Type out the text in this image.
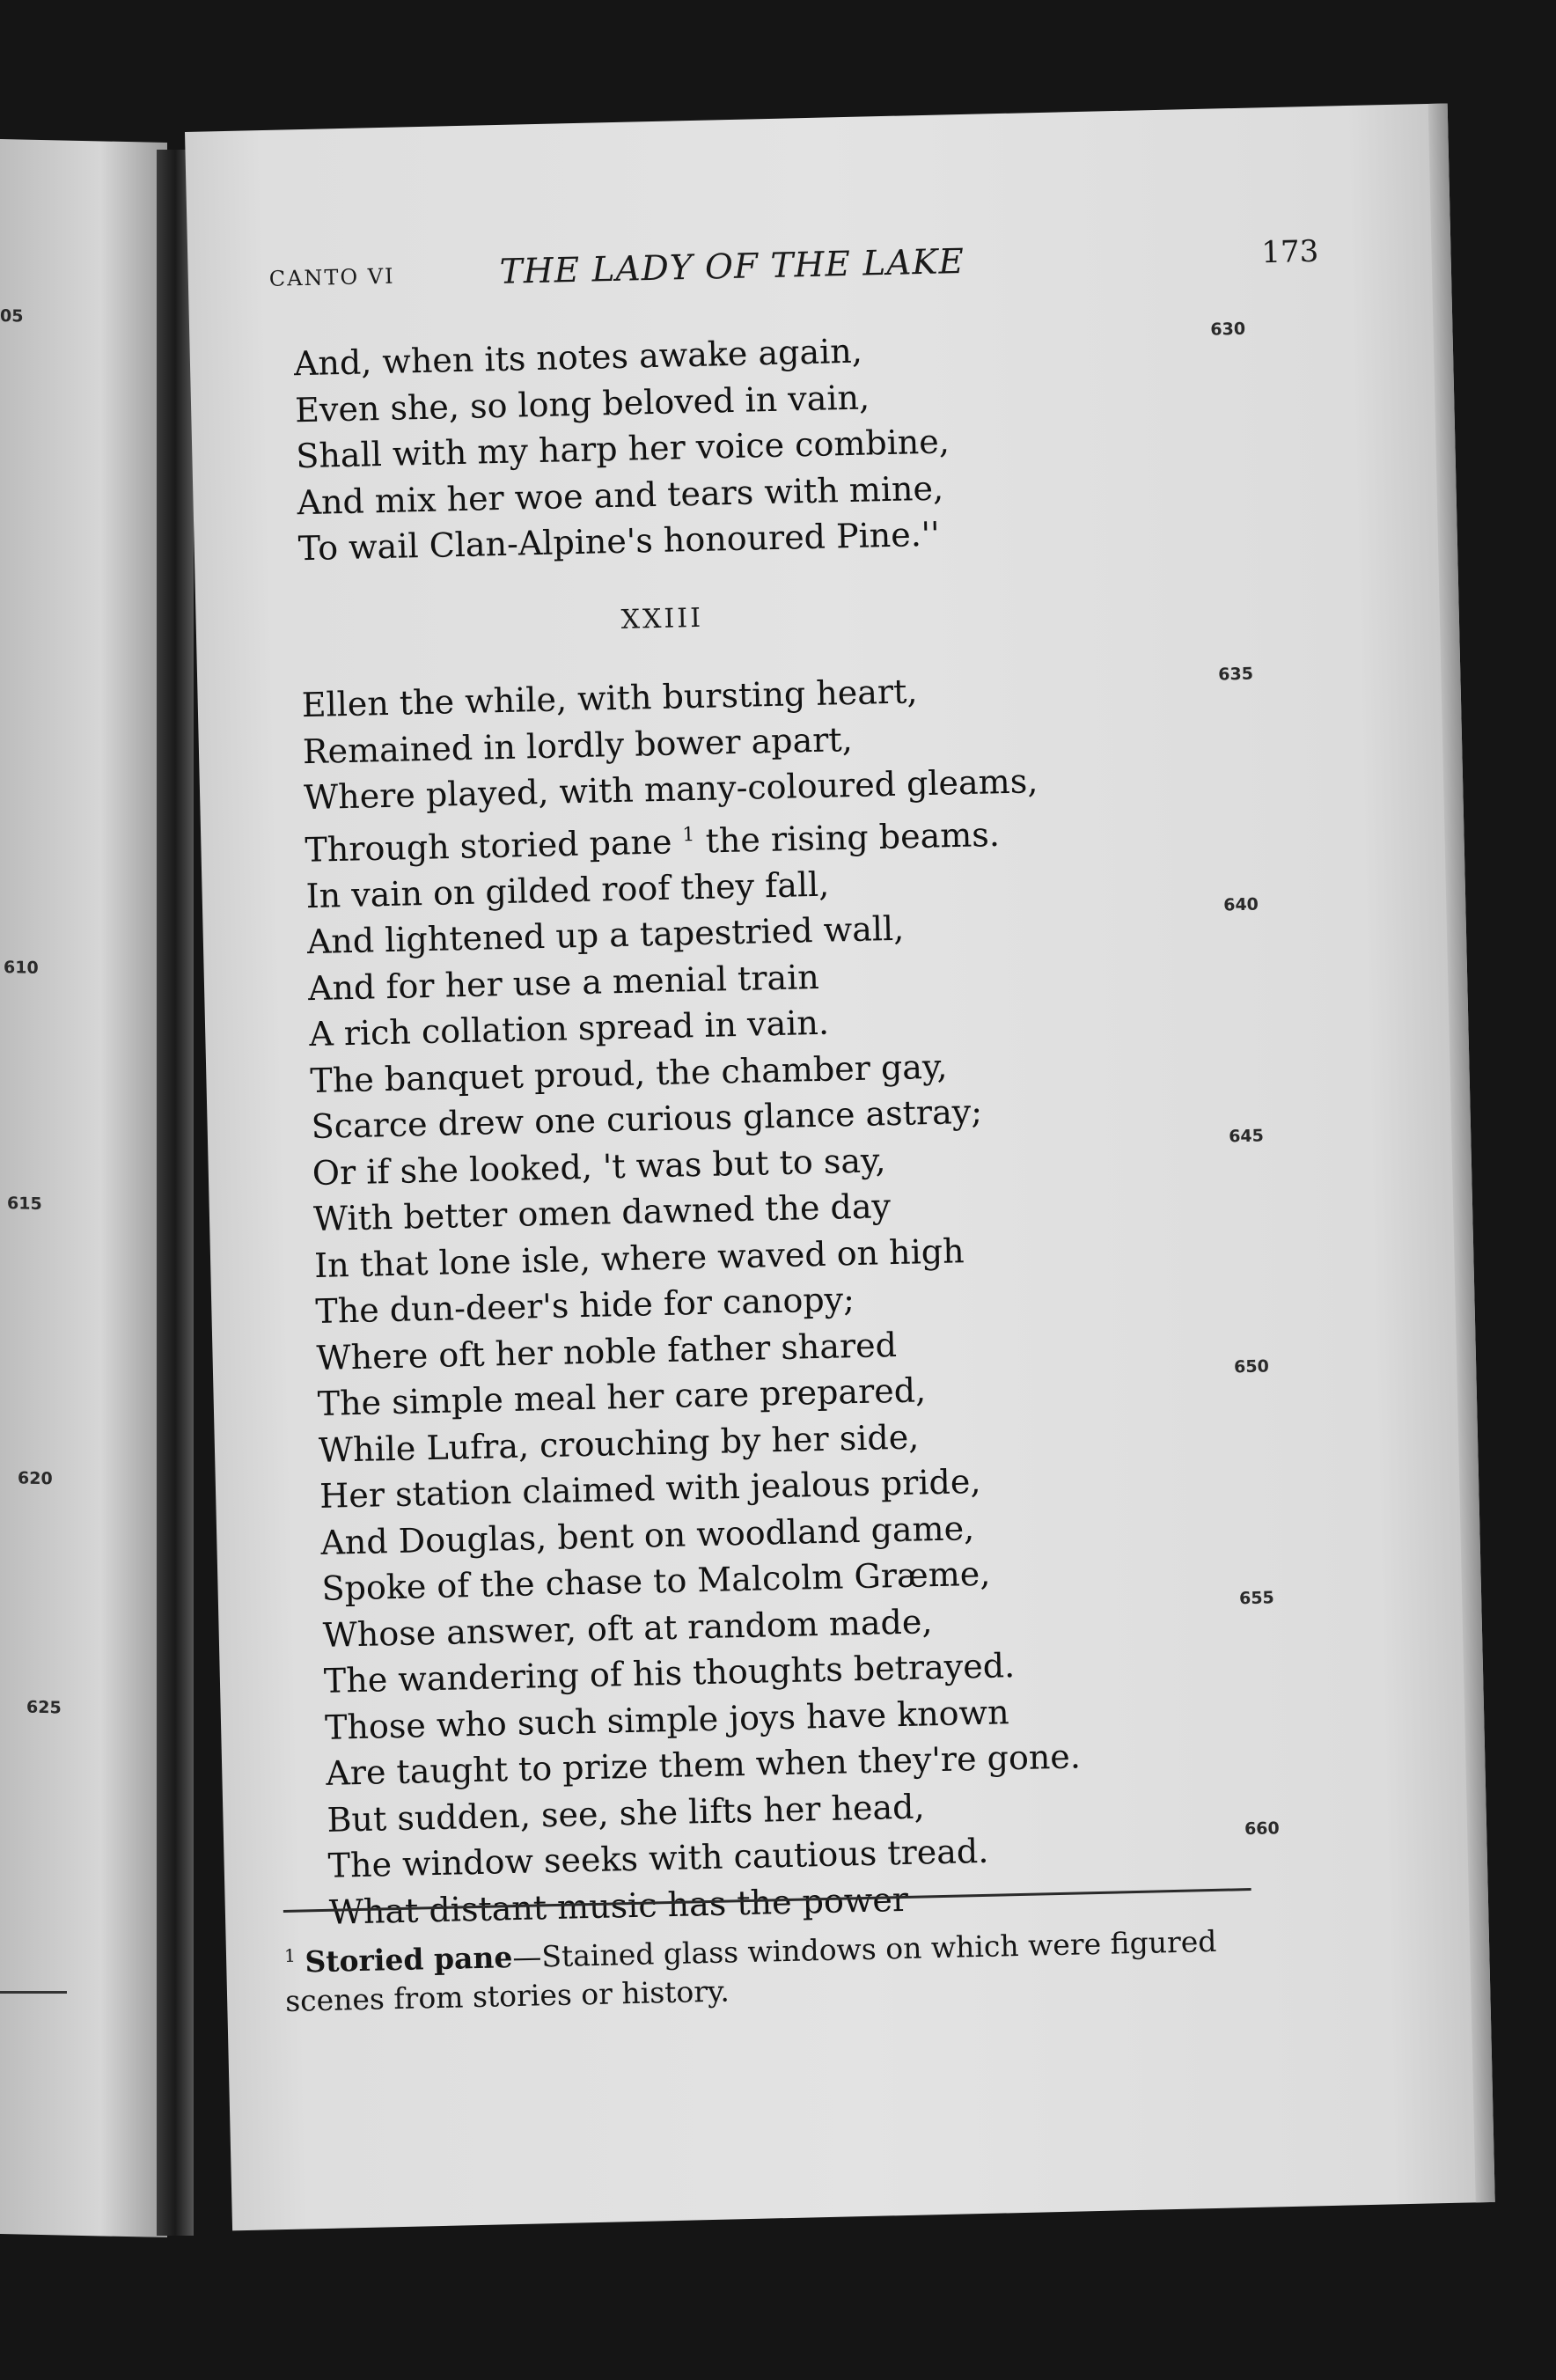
05
610
615
620
625
CANTO VI	THE LADY OF THE LAKE	173
And, when its notes awake again,
Even she, so long beloved in vain,
Shall with my harp her voice combine,
And mix her woe and tears with mine,
To wail Clan-Alpine's honoured Pine.''
XXIII
Ellen the while, with bursting heart,
Remained in lordly bower apart,
Where played, with many-coloured gleams,
Through storied pane $^1$ the rising beams.
In vain on gilded roof they fall,
And lightened up a tapestried wall,
And for her use a menial train
A rich collation spread in vain.
The banquet proud, the chamber gay,
Scarce drew one curious glance astray;
Or if she looked, 't was but to say,
With better omen dawned the day
In that lone isle, where waved on high
The dun-deer's hide for canopy;
Where oft her noble father shared
The simple meal her care prepared,
While Lufra, crouching by her side,
Her station claimed with jealous pride,
And Douglas, bent on woodland game,
Spoke of the chase to Malcolm Græme,
Whose answer, oft at random made,
The wandering of his thoughts betrayed.
Those who such simple joys have known
Are taught to prize them when they're gone.
But sudden, see, she lifts her head,
The window seeks with cautious tread.
What distant music has the power
630
635
640
645
650
655
660
$^1$ Storied pane—Stained glass windows on which were figured scenes from stories or history.
